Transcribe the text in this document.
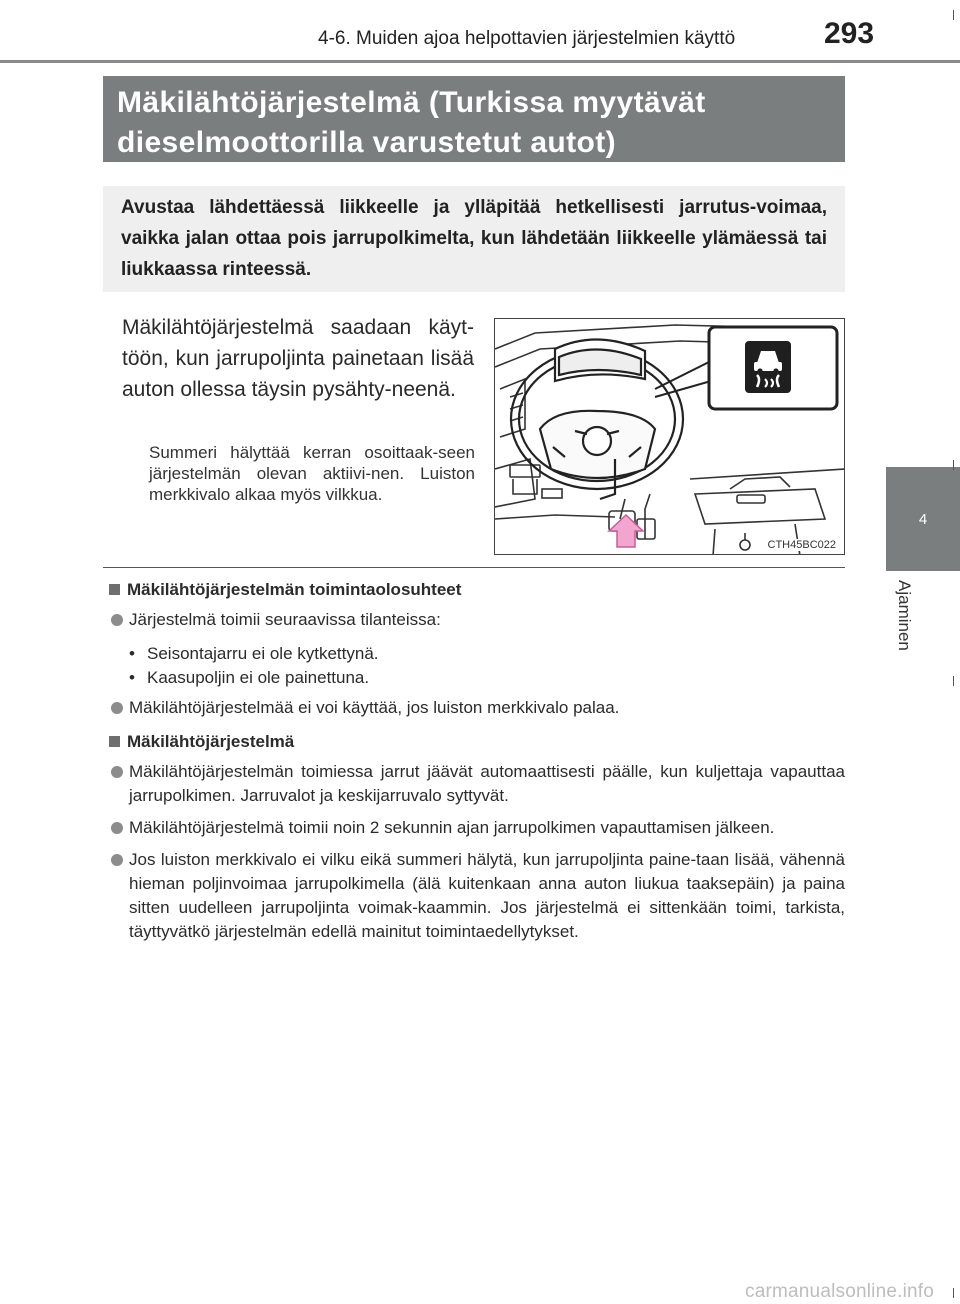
4-6. Muiden ajoa helpottavien järjestelmien käyttö	293
Mäkilähtöjärjestelmä (Turkissa myytävät
dieselmoottorilla varustetut autot)
Avustaa lähdettäessä liikkeelle ja ylläpitää hetkellisesti jarrutus-voimaa, vaikka jalan ottaa pois jarrupolkimelta, kun lähdetään liikkeelle ylämäessä tai liukkaassa rinteessä.
Mäkilähtöjärjestelmä saadaan käyt-töön, kun jarrupoljinta painetaan lisää auton ollessa täysin pysähty-neenä.
Summeri hälyttää kerran osoittaak-seen järjestelmän olevan aktiivi-nen. Luiston merkkivalo alkaa myös vilkkua.
CTH45BC022

Mäkilähtöjärjestelmän toimintaolosuhteet

Järjestelmä toimii seuraavissa tilanteissa:

• Seisontajarru ei ole kytkettynä.

• Kaasupoljin ei ole painettuna.

Mäkilähtöjärjestelmää ei voi käyttää, jos luiston merkkivalo palaa.

Mäkilähtöjärjestelmä

Mäkilähtöjärjestelmän toimiessa jarrut jäävät automaattisesti päälle, kun kuljettaja vapauttaa jarrupolkimen. Jarruvalot ja keskijarruvalo syttyvät.

Mäkilähtöjärjestelmä toimii noin 2 sekunnin ajan jarrupolkimen vapauttamisen jälkeen.

Jos luiston merkkivalo ei vilku eikä summeri hälytä, kun jarrupoljinta paine-taan lisää, vähennä hieman poljinvoimaa jarrupolkimella (älä kuitenkaan anna auton liukua taaksepäin) ja paina sitten uudelleen jarrupoljinta voimak-kaammin. Jos järjestelmä ei sittenkään toimi, tarkista, täyttyvätkö järjestelmän edellä mainitut toimintaedellytykset.

4
Ajaminen
carmanualsonline.info
